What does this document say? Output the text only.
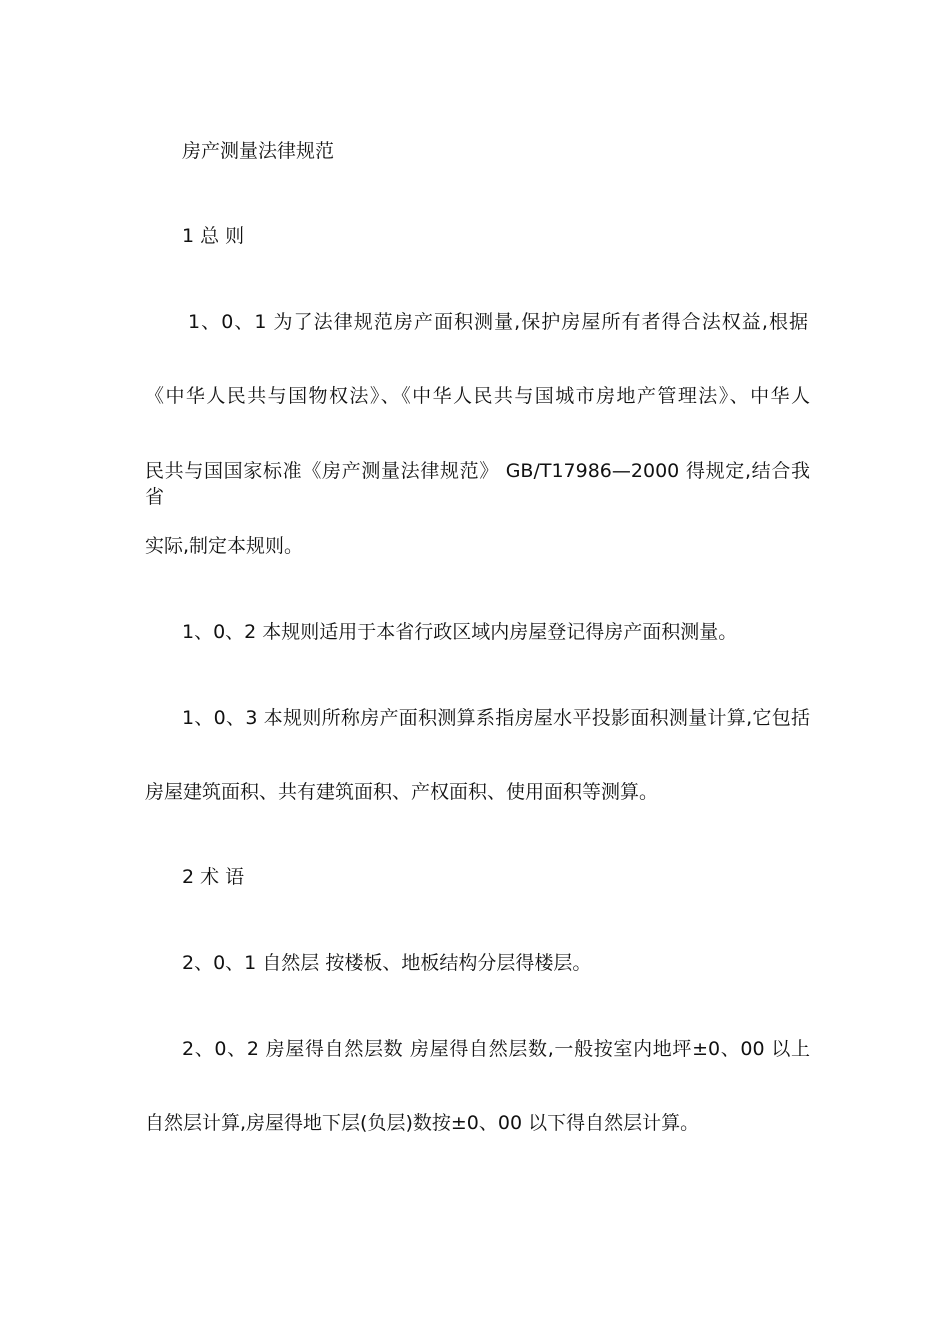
房产测量法律规范
1 总 则
1、0、1 为了法律规范房产面积测量,保护房屋所有者得合法权益,根据
《中华人民共与国物权法》、《中华人民共与国城市房地产管理法》、中华人
民共与国国家标准《房产测量法律规范》 GB/T17986—2000 得规定,结合我省
实际,制定本规则。
1、0、2 本规则适用于本省行政区域内房屋登记得房产面积测量。
1、0、3 本规则所称房产面积测算系指房屋水平投影面积测量计算,它包括
房屋建筑面积、共有建筑面积、产权面积、使用面积等测算。
2 术 语
2、0、1 自然层 按楼板、地板结构分层得楼层。
2、0、2 房屋得自然层数 房屋得自然层数,一般按室内地坪±0、00 以上
自然层计算,房屋得地下层(负层)数按±0、00 以下得自然层计算。
